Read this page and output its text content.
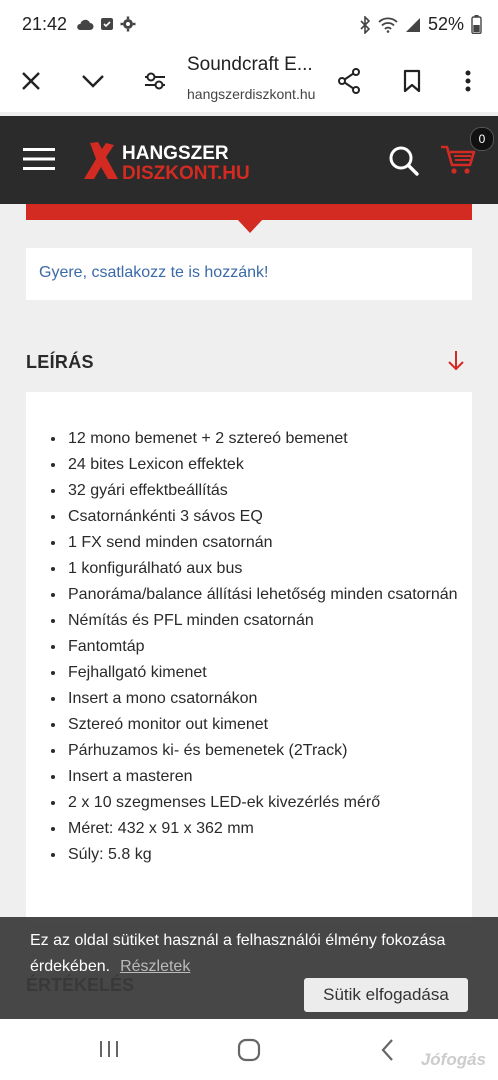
21:42	52%
Soundcraft E...
hangszerdiszkont.hu
HANGSZER
DISZKONT.HU
0
Gyere, csatlakozz te is hozzánk!
LEÍRÁS
• 12 mono bemenet + 2 sztereó bemenet
• 24 bites Lexicon effektek
• 32 gyári effektbeállítás
• Csatornánkénti 3 sávos EQ
• 1 FX send minden csatornán
• 1 konfigurálható aux bus
• Panoráma/balance állítási lehetőség minden csatornán
• Némítás és PFL minden csatornán
• Fantomtáp
• Fejhallgató kimenet
• Insert a mono csatornákon
• Sztereó monitor out kimenet
• Párhuzamos ki- és bemenetek (2Track)
• Insert a masteren
• 2 x 10 szegmenses LED-ek kivezérlés mérő
• Méret: 432 x 91 x 362 mm
• Súly: 5.8 kg
Ez az oldal sütiket használ a felhasználói élmény fokozása érdekében. Részletek
Sütik elfogadása
Jófogás
